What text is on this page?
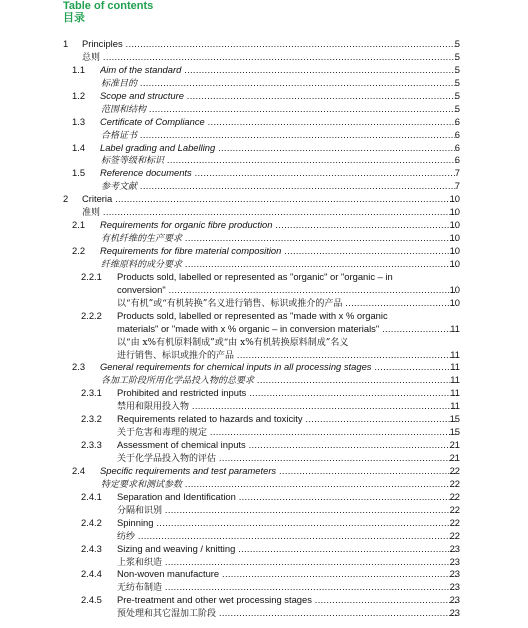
Table of contents
目录
1 Principles .....	5
总则 .....	5
1.1 Aim of the standard .....	5
标准目的 .....	5
1.2 Scope and structure .....	5
范围和结构 .....	5
1.3 Certificate of Compliance .....	6
合格证书 .....	6
1.4 Label grading and Labelling .....	6
标签等级和标识 .....	6
1.5 Reference documents .....	7
参考文献 .....	7
2 Criteria .....	10
准则 .....	10
2.1 Requirements for organic fibre production .....	10
有机纤维的生产要求 .....	10
2.2 Requirements for fibre material composition .....	10
纤维原料的成分要求 .....	10
2.2.1 Products sold, labelled or represented as "organic" or "organic – in
conversion" .....	10
以“有机”或“有机转换”名义进行销售、标识或推介的产品 .....	10
2.2.2 Products sold, labelled or represented as "made with x % organic
materials" or "made with x % organic – in conversion materials" .....	11
以“由 x%有机原料制成”或“由 x%有机转换原料制成”名义
进行销售、标识或推介的产品 .....	11
2.3 General requirements for chemical inputs in all processing stages .....	11
各加工阶段所用化学品投入物的总要求 .....	11
2.3.1 Prohibited and restricted inputs .....	11
禁用和限用投入物 .....	11
2.3.2 Requirements related to hazards and toxicity .....	15
关于危害和毒理的规定 .....	15
2.3.3 Assessment of chemical inputs .....	21
关于化学品投入物的评估 .....	21
2.4 Specific requirements and test parameters .....	22
特定要求和测试参数 .....	22
2.4.1 Separation and Identification .....	22
分隔和识别 .....	22
2.4.2 Spinning .....	22
纺纱 .....	22
2.4.3 Sizing and weaving / knitting .....	23
上浆和织造 .....	23
2.4.4 Non-woven manufacture .....	23
无纺布制造 .....	23
2.4.5 Pre-treatment and other wet processing stages .....	23
预处理和其它湿加工阶段 .....	23
